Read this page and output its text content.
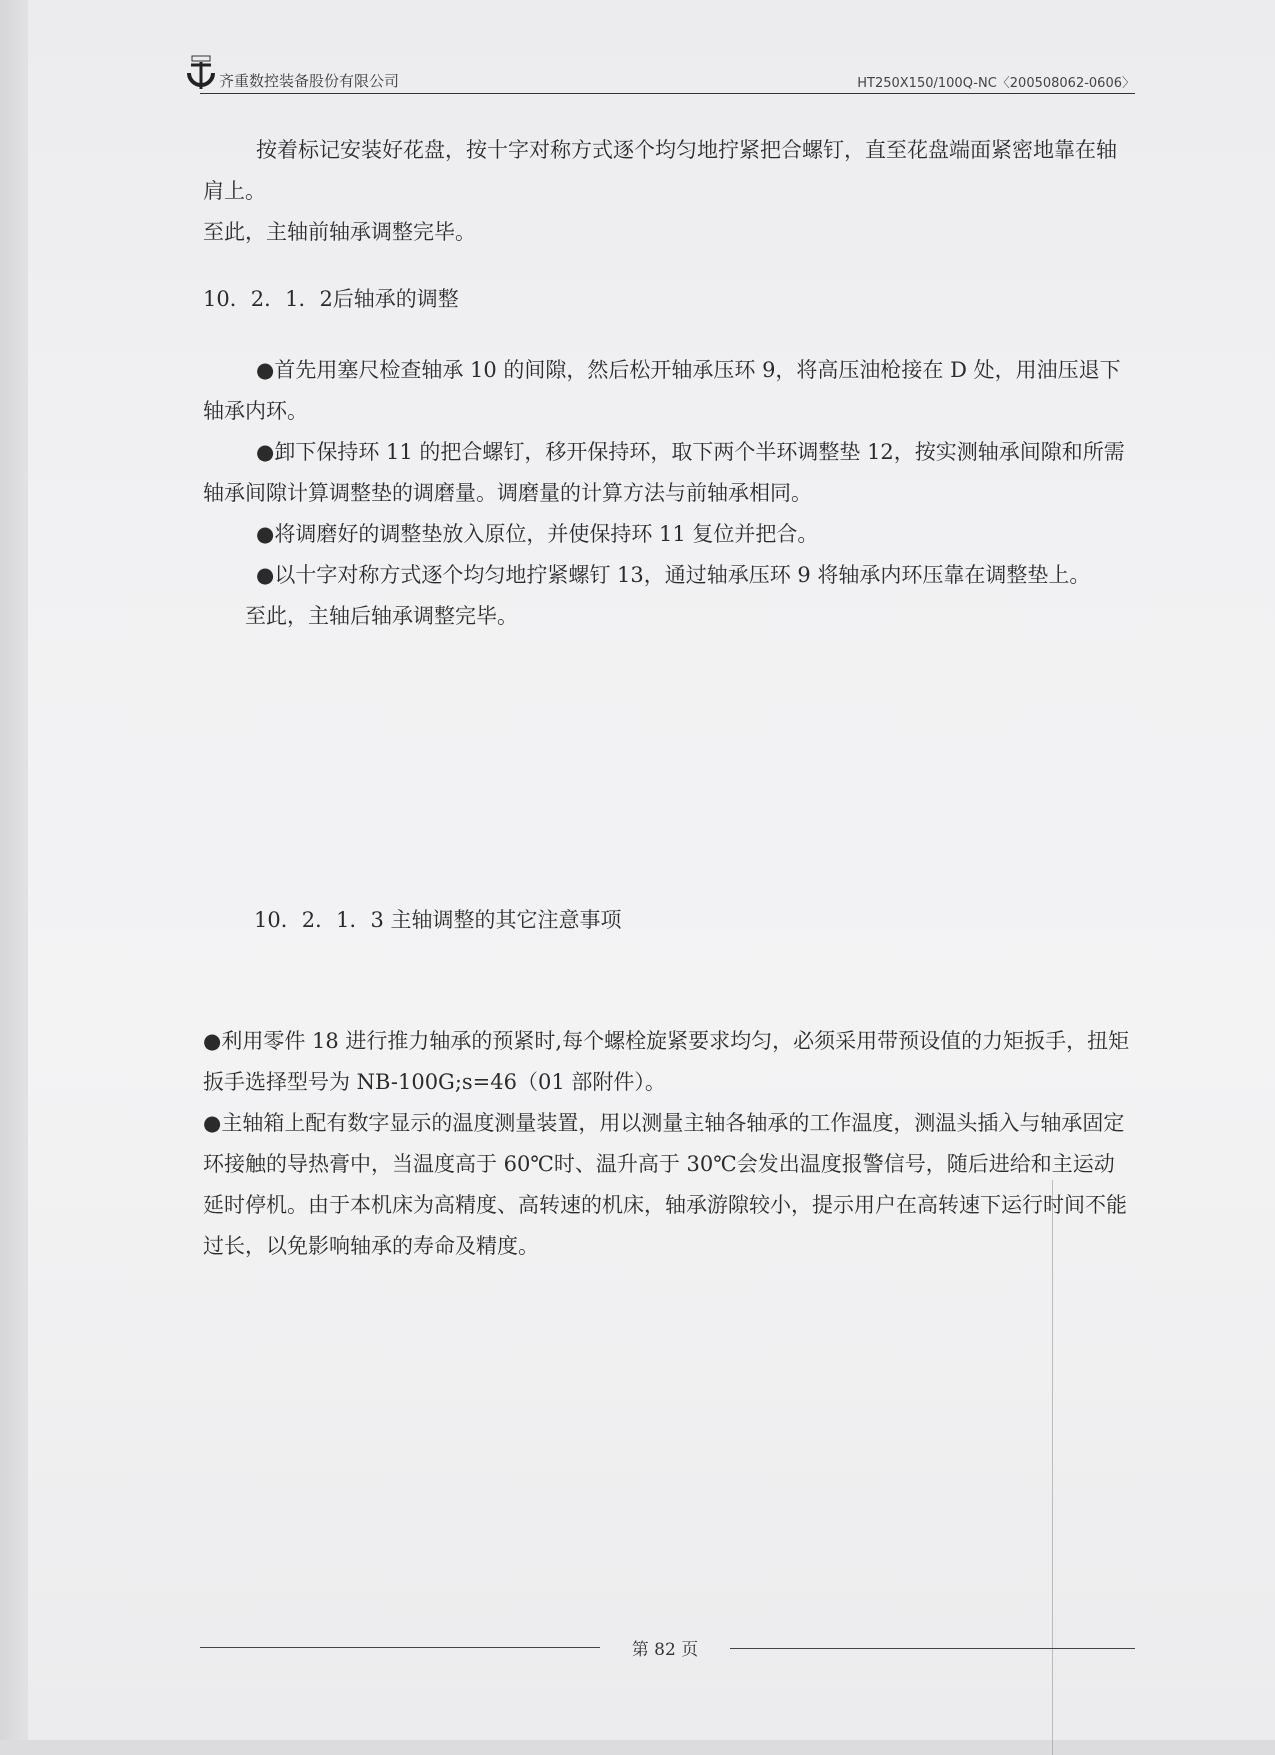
齐重数控装备股份有限公司	HT250X150/100Q-NC〈200508062-0606〉

按着标记安装好花盘，按十字对称方式逐个均匀地拧紧把合螺钉，直至花盘端面紧密地靠在轴肩上。

至此，主轴前轴承调整完毕。

10．2．1．2后轴承的调整

●首先用塞尺检查轴承 10 的间隙，然后松开轴承压环 9，将高压油枪接在 D 处，用油压退下轴承内环。

●卸下保持环 11 的把合螺钉，移开保持环，取下两个半环调整垫 12，按实测轴承间隙和所需轴承间隙计算调整垫的调磨量。调磨量的计算方法与前轴承相同。

●将调磨好的调整垫放入原位，并使保持环 11 复位并把合。

●以十字对称方式逐个均匀地拧紧螺钉 13，通过轴承压环 9 将轴承内环压靠在调整垫上。

至此，主轴后轴承调整完毕。

10．2．1．3 主轴调整的其它注意事项

●利用零件 18 进行推力轴承的预紧时,每个螺栓旋紧要求均匀，必须采用带预设值的力矩扳手，扭矩扳手选择型号为 NB-100G;s=46（01 部附件）。

●主轴箱上配有数字显示的温度测量装置，用以测量主轴各轴承的工作温度，测温头插入与轴承固定环接触的导热膏中，当温度高于 60℃时、温升高于 30℃会发出温度报警信号，随后进给和主运动延时停机。由于本机床为高精度、高转速的机床，轴承游隙较小，提示用户在高转速下运行时间不能过长，以免影响轴承的寿命及精度。

第 82 页
